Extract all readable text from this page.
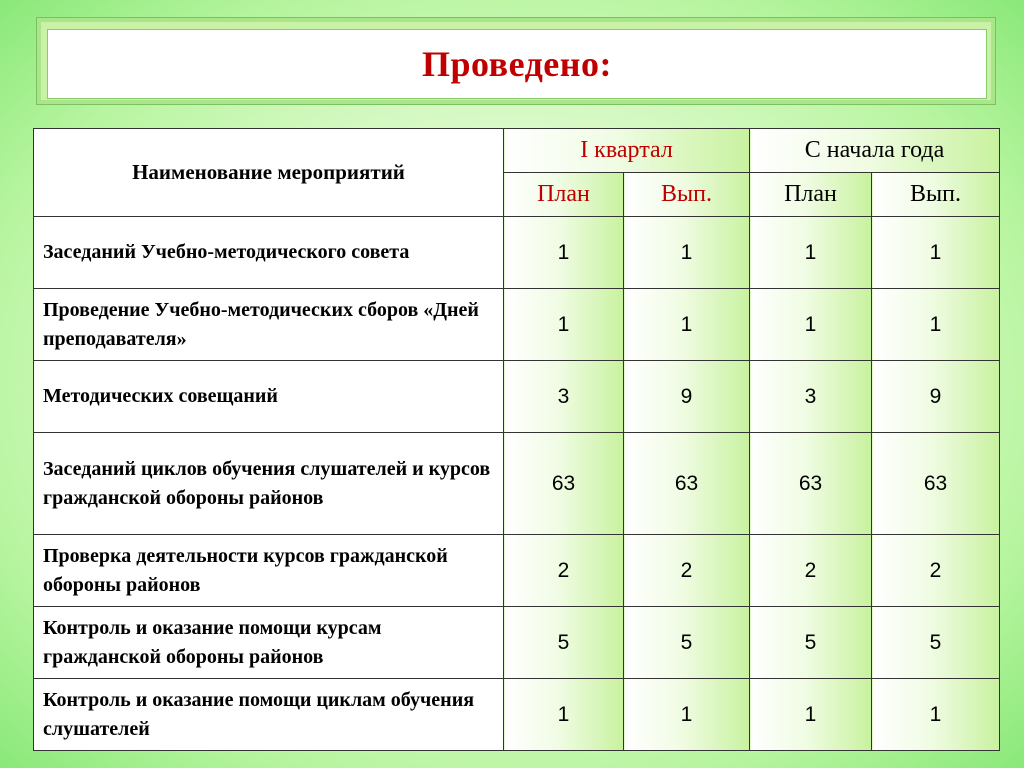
Проведено:
Наименование мероприятий	I квартал		С начала года	
	План	Вып.	План	Вып.
Заседаний Учебно-методического совета	1	1	1	1
Проведение Учебно-методических сборов «Дней преподавателя»	1	1	1	1
Методических совещаний	3	9	3	9
Заседаний циклов обучения слушателей и курсов гражданской обороны районов	63	63	63	63
Проверка деятельности курсов гражданской обороны районов	2	2	2	2
Контроль и оказание помощи курсам гражданской обороны районов	5	5	5	5
Контроль и оказание помощи циклам обучения слушателей	1	1	1	1
